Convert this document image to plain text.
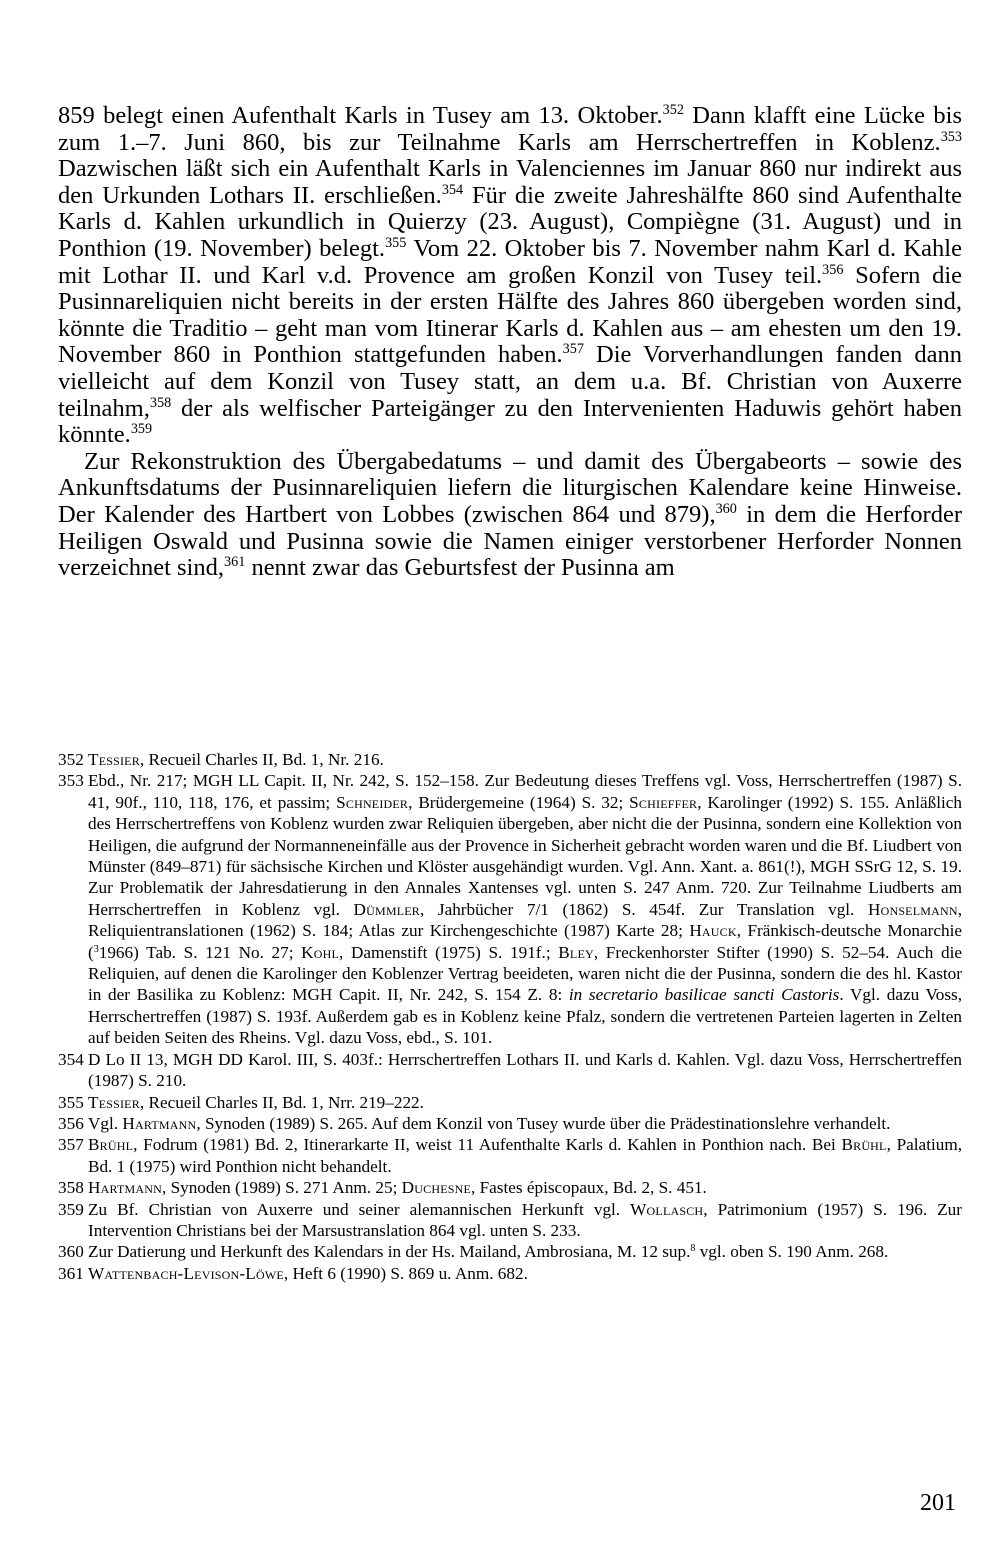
859 belegt einen Aufenthalt Karls in Tusey am 13. Oktober.$^{352}$ Dann klafft eine Lücke bis zum 1.–7. Juni 860, bis zur Teilnahme Karls am Herrschertreffen in Koblenz.$^{353}$ Dazwischen läßt sich ein Aufenthalt Karls in Valenciennes im Januar 860 nur indirekt aus den Urkunden Lothars II. erschließen.$^{354}$ Für die zweite Jahreshälfte 860 sind Aufenthalte Karls d. Kahlen urkundlich in Quierzy (23. August), Compiègne (31. August) und in Ponthion (19. November) belegt.$^{355}$ Vom 22. Oktober bis 7. November nahm Karl d. Kahle mit Lothar II. und Karl v.d. Provence am großen Konzil von Tusey teil.$^{356}$ Sofern die Pusinnareliquien nicht bereits in der ersten Hälfte des Jahres 860 übergeben worden sind, könnte die Traditio – geht man vom Itinerar Karls d. Kahlen aus – am ehesten um den 19. November 860 in Ponthion stattgefunden haben.$^{357}$ Die Vorverhandlungen fanden dann vielleicht auf dem Konzil von Tusey statt, an dem u.a. Bf. Christian von Auxerre teilnahm,$^{358}$ der als welfischer Parteigänger zu den Intervenienten Haduwis gehört haben könnte.$^{359}$

Zur Rekonstruktion des Übergabedatums – und damit des Übergabeorts – sowie des Ankunftsdatums der Pusinnareliquien liefern die liturgischen Kalendare keine Hinweise. Der Kalender des Hartbert von Lobbes (zwischen 864 und 879),$^{360}$ in dem die Herforder Heiligen Oswald und Pusinna sowie die Namen einiger verstorbener Herforder Nonnen verzeichnet sind,$^{361}$ nennt zwar das Geburtsfest der Pusinna am

352 Tessier, Recueil Charles II, Bd. 1, Nr. 216.
353 Ebd., Nr. 217; MGH LL Capit. II, Nr. 242, S. 152–158. Zur Bedeutung dieses Treffens vgl. Voss, Herrschertreffen (1987) S. 41, 90f., 110, 118, 176, et passim; Schneider, Brüdergemeine (1964) S. 32; Schieffer, Karolinger (1992) S. 155. Anläßlich des Herrschertreffens von Koblenz wurden zwar Reliquien übergeben, aber nicht die der Pusinna, sondern eine Kollektion von Heiligen, die aufgrund der Normanneneinfälle aus der Provence in Sicherheit gebracht worden waren und die Bf. Liudbert von Münster (849–871) für sächsische Kirchen und Klöster ausgehändigt wurden. Vgl. Ann. Xant. a. 861(!), MGH SSrG 12, S. 19. Zur Problematik der Jahresdatierung in den Annales Xantenses vgl. unten S. 247 Anm. 720. Zur Teilnahme Liudberts am Herrschertreffen in Koblenz vgl. Dümmler, Jahrbücher 7/1 (1862) S. 454f. Zur Translation vgl. Honselmann, Reliquientranslationen (1962) S. 184; Atlas zur Kirchengeschichte (1987) Karte 28; Hauck, Fränkisch-deutsche Monarchie ($^3$1966) Tab. S. 121 No. 27; Kohl, Damenstift (1975) S. 191f.; Bley, Freckenhorster Stifter (1990) S. 52–54. Auch die Reliquien, auf denen die Karolinger den Koblenzer Vertrag beeideten, waren nicht die der Pusinna, sondern die des hl. Kastor in der Basilika zu Koblenz: MGH Capit. II, Nr. 242, S. 154 Z. 8: in secretario basilicae sancti Castoris. Vgl. dazu Voss, Herrschertreffen (1987) S. 193f. Außerdem gab es in Koblenz keine Pfalz, sondern die vertretenen Parteien lagerten in Zelten auf beiden Seiten des Rheins. Vgl. dazu Voss, ebd., S. 101.
354 D Lo II 13, MGH DD Karol. III, S. 403f.: Herrschertreffen Lothars II. und Karls d. Kahlen. Vgl. dazu Voss, Herrschertreffen (1987) S. 210.
355 Tessier, Recueil Charles II, Bd. 1, Nrr. 219–222.
356 Vgl. Hartmann, Synoden (1989) S. 265. Auf dem Konzil von Tusey wurde über die Prädestinationslehre verhandelt.
357 Brühl, Fodrum (1981) Bd. 2, Itinerarkarte II, weist 11 Aufenthalte Karls d. Kahlen in Ponthion nach. Bei Brühl, Palatium, Bd. 1 (1975) wird Ponthion nicht behandelt.
358 Hartmann, Synoden (1989) S. 271 Anm. 25; Duchesne, Fastes épiscopaux, Bd. 2, S. 451.
359 Zu Bf. Christian von Auxerre und seiner alemannischen Herkunft vgl. Wollasch, Patrimonium (1957) S. 196. Zur Intervention Christians bei der Marsustranslation 864 vgl. unten S. 233.
360 Zur Datierung und Herkunft des Kalendars in der Hs. Mailand, Ambrosiana, M. 12 sup.$^8$ vgl. oben S. 190 Anm. 268.
361 Wattenbach-Levison-Löwe, Heft 6 (1990) S. 869 u. Anm. 682.
201
